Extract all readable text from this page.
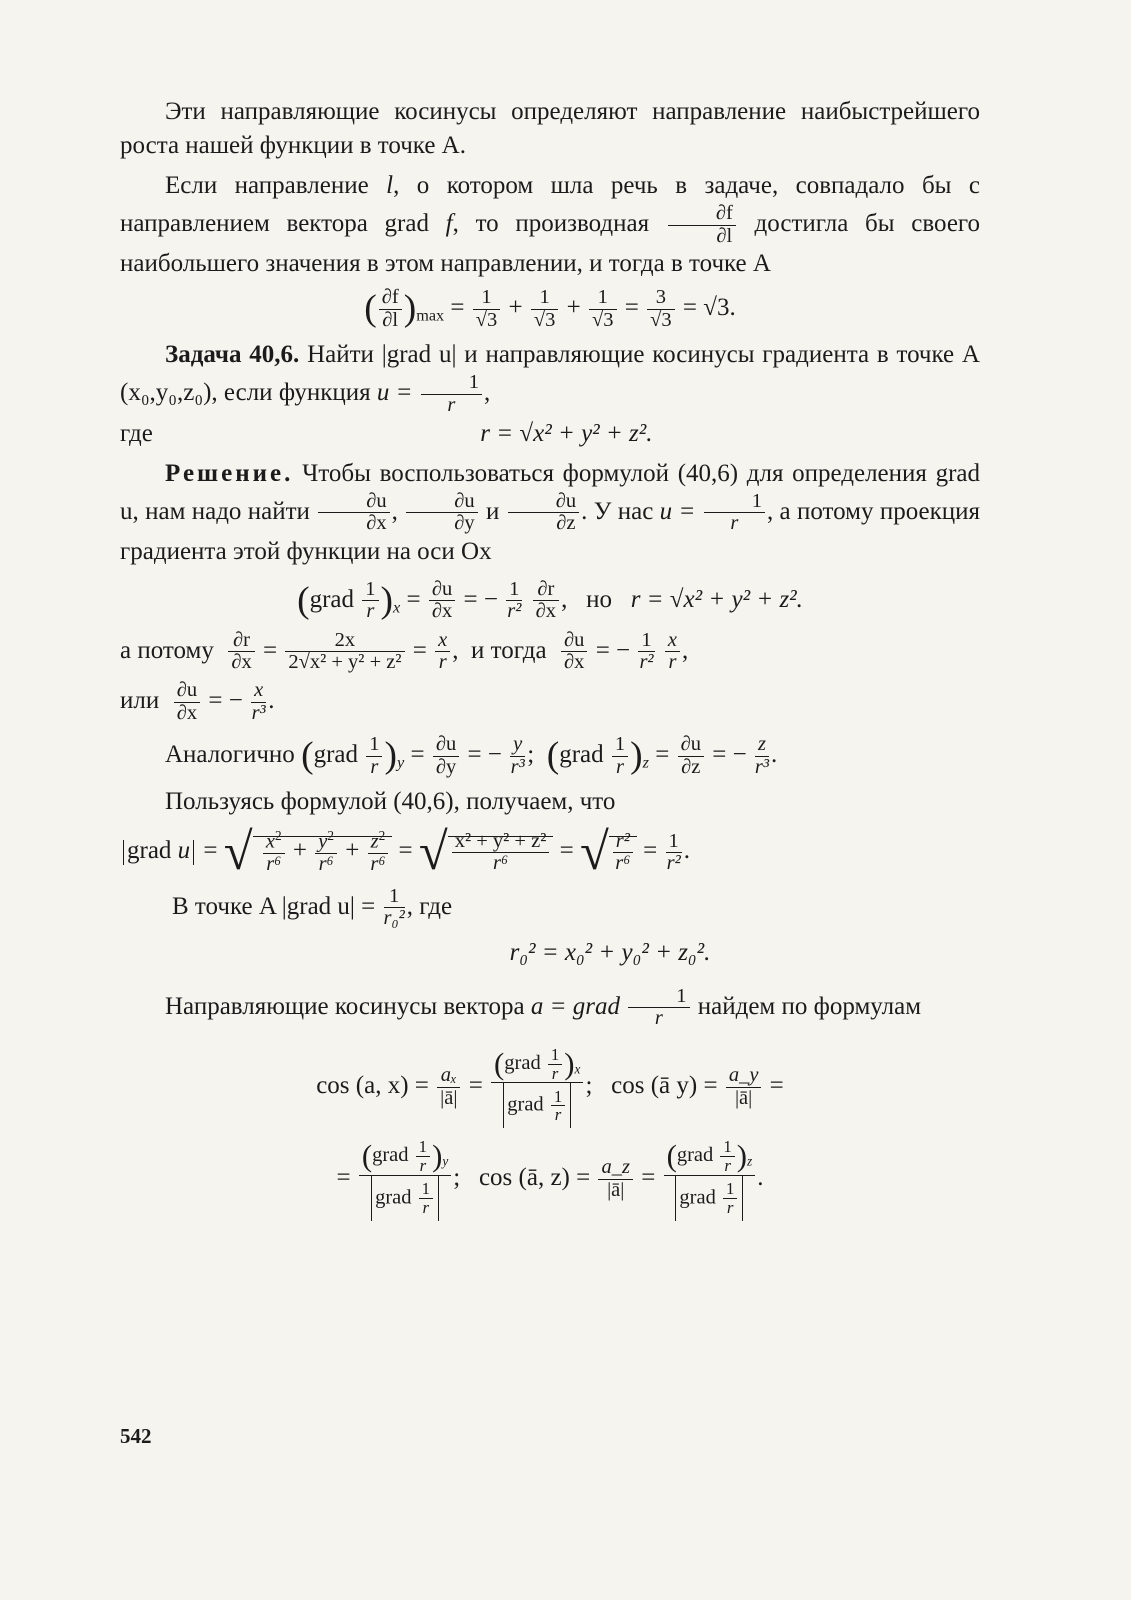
Эти направляющие косинусы определяют направление наибыстрейшего роста нашей функции в точке A.

Если направление l, о котором шла речь в задаче, совпадало бы с направлением вектора grad f, то производная $\frac{\partial f}{\partial l}$ достигла бы своего наибольшего значения в этом направлении, и тогда в точке A

( $\frac{\partial f}{\partial l} )_{max} = \frac{1}{√3} + \frac{1}{√3} + \frac{1}{√3} = \frac{3}{√3} = √3$.

Задача 40,6. Найти |grad u| и направляющие косинусы градиента в точке A (x₀,y₀,z₀), если функция $u = \frac{1}{r}$,

где	r = √x² + y² + z².

Решение. Чтобы воспользоваться формулой (40,6) для определения grad u, нам надо найти $\frac{\partial u}{\partial x}$ , $\frac{\partial u}{\partial y}$ и $\frac{\partial u}{\partial z}$ . У нас $u = \frac{1}{r}$, а потому проекция градиента этой функции на оси Ox

(grad $\frac{1}{r})_x = \frac{\partial u}{\partial x}$ = − $\frac{1}{\text{r²}} \frac{\partial r}{\partial x}$ ,   но r = √x² + y² + z².
а потому $\frac{\partial r}{\partial x} = \frac{2x}{\text{2√x² + y² + z²}} = \frac{x}{r}$,  и тогда $\frac{\partial u}{\partial x}$ = − $\frac{1}{\text{r²}} \frac{x}{r}$,
или $\frac{\partial u}{\partial x}$ = − $\frac{x}{\text{r³}}$.
Аналогично (grad $\frac{1}{r})_y = \frac{\partial u}{\partial y}$ = − $\frac{y}{\text{r³}}$;  (grad $\frac{1}{r})_z = \frac{\partial u}{\partial z}$ = − $\frac{z}{\text{r³}}$.

Пользуясь формулой (40,6), получаем, что

grad u = √ $\frac{x^2}{\text{r⁶}} + \frac{y^2}{\text{r⁶}} + \frac{z^2}{\text{r⁶}}$ = √ $\frac{\text{x² + y² + z²}}{\text{r⁶}}$ = √ $\frac{\text{r²}}{\text{r⁶}} = \frac{1}{\text{r²}}$.
В точке A |grad $u| = \frac{1}{\text{r₀²}}$, где
r₀² = x₀² + y₀² + z₀².

Направляющие косинусы вектора a = grad $\frac{1}{r}$ найдем по формулам

cos (a, $x) = \frac{\text{aₓ}}{|ā|} = \frac{(grad \frac{1}{r})_x}{grad \frac{1}{r}}$ ;   cos (ā $y) = \frac{a\_y}{|ā|}$ =
= $\frac{(grad \frac{1}{r})_y}{grad \frac{1}{r}}$ ;   cos (ā, $z) = \frac{a\_z}{|ā|} = \frac{(grad \frac{1}{r})_z}{grad \frac{1}{r}}$ .
542
